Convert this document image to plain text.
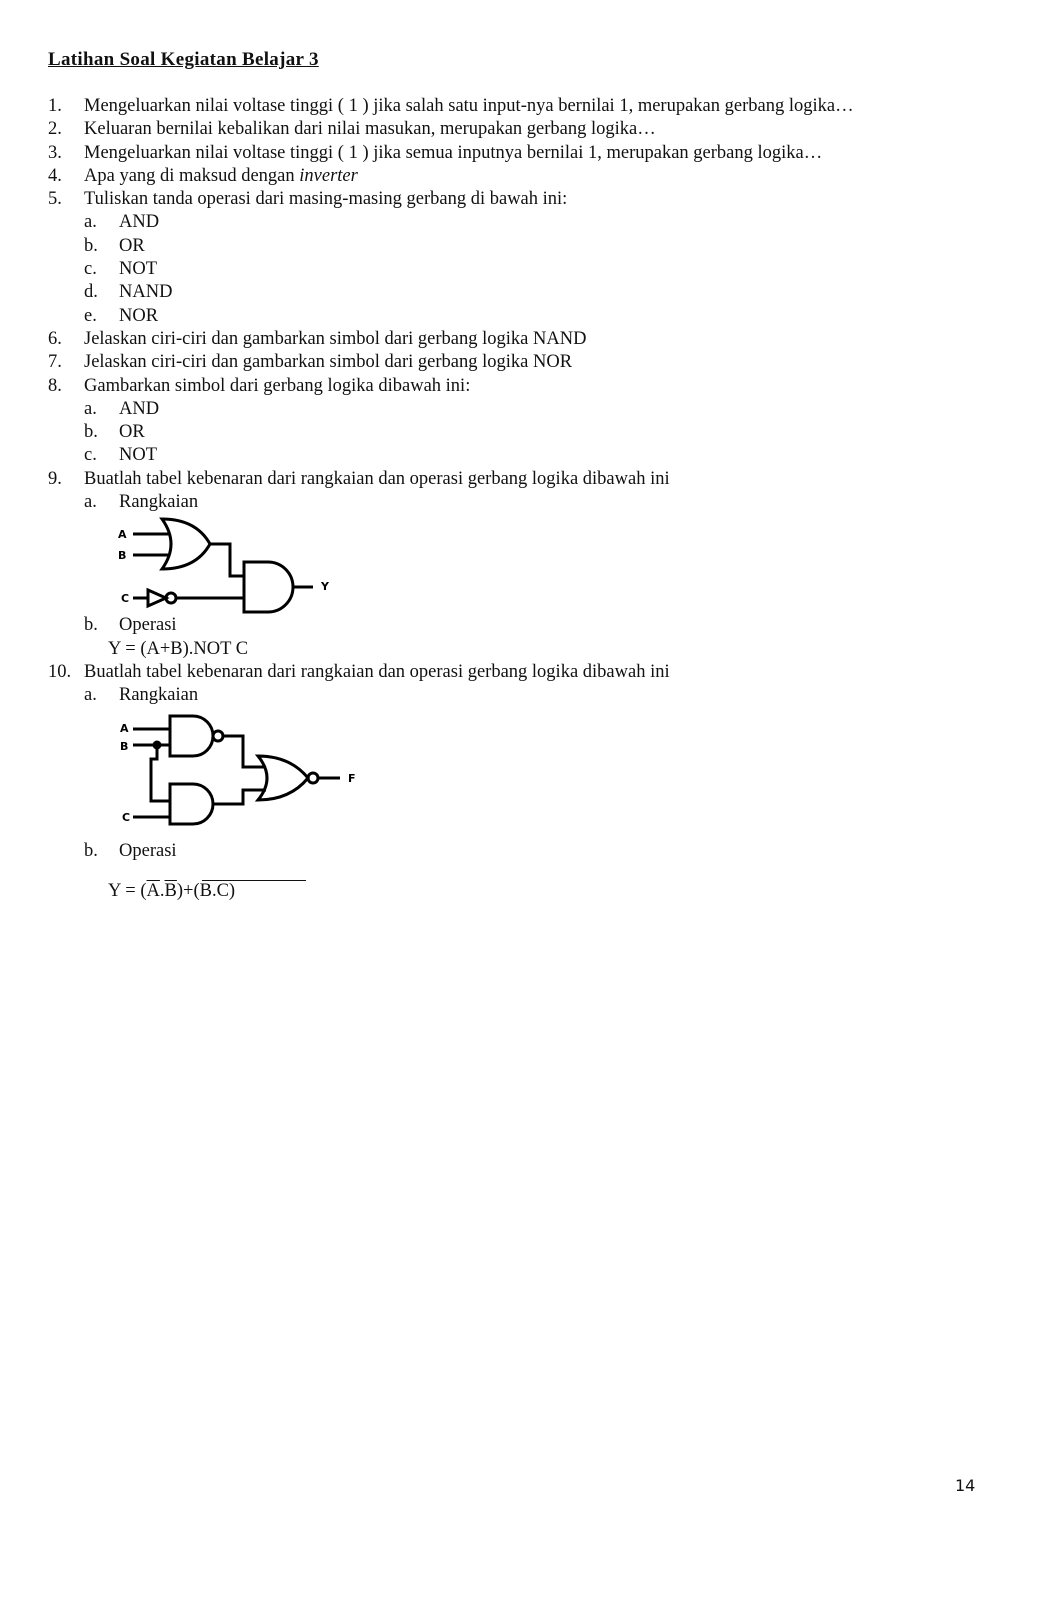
Latihan Soal Kegiatan Belajar 3
1.	Mengeluarkan nilai voltase tinggi ( 1 ) jika salah satu input-nya bernilai 1, merupakan gerbang logika…
2.	Keluaran bernilai kebalikan dari nilai masukan, merupakan gerbang logika…
3.	Mengeluarkan nilai voltase tinggi ( 1 ) jika semua inputnya bernilai 1, merupakan gerbang logika…
4.	Apa yang di maksud dengan inverter
5.	Tuliskan tanda operasi dari masing-masing gerbang di bawah ini:
a.	AND
b.	OR
c.	NOT
d.	NAND
e.	NOR
6.	Jelaskan ciri-ciri dan gambarkan simbol dari gerbang logika NAND
7.	Jelaskan ciri-ciri dan gambarkan simbol dari gerbang logika NOR
8.	Gambarkan simbol dari gerbang logika dibawah ini:
a.	AND
b.	OR
c.	NOT
9.	Buatlah tabel kebenaran dari rangkaian dan operasi gerbang logika dibawah ini
a.	Rangkaian
A
B
C
Y
b.	Operasi
Y = (A+B).NOT C
10. Buatlah tabel kebenaran dari rangkaian dan operasi gerbang logika dibawah ini
a.	Rangkaian
A
B
C
F
b.	Operasi
$Y = (\overline{A}.\overline{B})+(B.C)$
14
